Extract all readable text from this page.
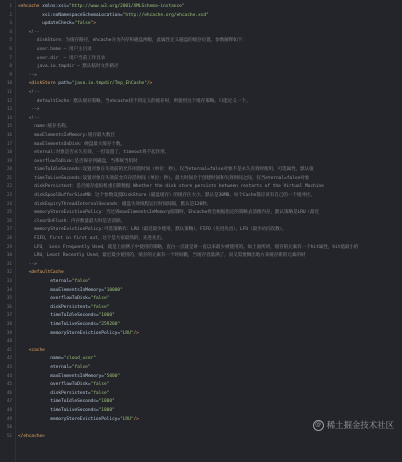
1 <ehcache xmlns:xsi="http://www.w3.org/2001/XMLSchema-instance"
2 xsi:noNamespaceSchemaLocation="http://ehcache.org/ehcache.xsd"
3 updateCheck="false">
4 <!--
5 diskStore：为缓存路径，ehcache分为内存和磁盘两级，此属性定义磁盘的缓存位置。参数解释如下：
6 user.home – 用户主目录
7 user.dir  – 用户当前工作目录
8 java.io.tmpdir – 默认临时文件路径
9 -->
10 <diskStore path="java.io.tmpdir/Tmp_EhCache"/>
11 <!--
12 defaultCache：默认缓存策略，当ehcache找不到定义的缓存时，则使用这个缓存策略。只能定义一个。
13 -->
14 <!--
15 name:缓存名称。
16 maxElementsInMemory:缓存最大数目
17 maxElementsOnDisk：硬盘最大缓存个数。
18 eternal:对象是否永久有效，一但设置了，timeout将不起作用。
19 overflowToDisk:是否保存到磁盘，当系统当机时
20 timeToIdleSeconds:设置对象在失效前的允许闲置时间（单位：秒）。仅当eternal=false对象不是永久有效时使用，可选属性，默认值
21 timeToLiveSeconds:设置对象在失效前允许存活时间（单位：秒）。最大时间介于创建时间和失效时间之间。仅当eternal=false对象
22 diskPersistent：是否缓存虚拟机重启期数据 Whether the disk store persists between restarts of the Virtual Machine
23 diskSpoolBufferSizeMB：这个参数设置DiskStore（磁盘缓存）的缓存区大小。默认是30MB。每个Cache都应该有自己的一个缓冲区。
24 diskExpiryThreadIntervalSeconds：磁盘失效线程运行时间间隔，默认是120秒。
25 memoryStoreEvictionPolicy：当达到maxElementsInMemory限制时，Ehcache将会根据指定的策略去清理内存。默认策略是LRU（最近
26 clearOnFlush：内存数量最大时是否清除。
27 memoryStoreEvictionPolicy:可选策略有：LRU（最近最少使用，默认策略）、FIFO（先进先出）、LFU（最少访问次数）。
28 FIFO，first in first out，这个是大家最熟的，先进先出。
29 LFU， Less Frequently Used，就是上面例子中使用的策略，直白一点就是讲一直以来最少被使用的。如上面所讲，缓存的元素有一个hit属性，hit值最小的
30 LRU，Least Recently Used，最近最少使用的，缓存的元素有一个时间戳，当缓存容量满了，而又需要腾出地方来缓存新的元素的时
31 -->
32 <defaultCache
33 eternal="false"
34 maxElementsInMemory="10000"
35 overflowToDisk="false"
36 diskPersistent="false"
37 timeToIdleSeconds="1800"
38 timeToLiveSeconds="259200"
39 memoryStoreEvictionPolicy="LRU"/>
40
41 <cache
42 name="cloud_user"
43 eternal="false"
44 maxElementsInMemory="5000"
45 overflowToDisk="false"
46 diskPersistent="false"
47 timeToIdleSeconds="1800"
48 timeToLiveSeconds="1800"
49 memoryStoreEvictionPolicy="LRU"/>
50
51 </ehcache>
@ 稀土掘金技术社区
